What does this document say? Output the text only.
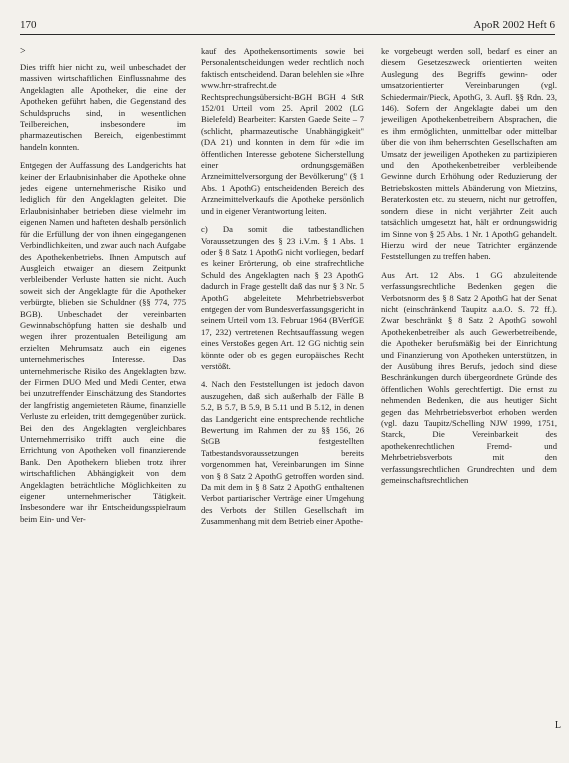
170	ApoR 2002 Heft 6
>

Dies trifft hier nicht zu, weil unbeschadet der massiven wirtschaftlichen Einflussnahme des Angeklagten alle Apotheker, die eine der Apotheken geführt haben, die Gegenstand des Schuldspruchs sind, in wesentlichen Teilbereichen, insbesondere im pharmazeutischen Bereich, eigenbestimmt handeln konnten.

Entgegen der Auffassung des Landgerichts hat keiner der Erlaubnisinhaber die Apotheke ohne jedes eigene unternehmerische Risiko und lediglich für den Angeklagten geleitet. Die Erlaubnisinhaber betrieben diese vielmehr im eigenen Namen und hafteten deshalb persönlich für die Erfüllung der von ihnen eingegangenen Verbindlichkeiten, und zwar auch nach Aufgabe des Apothekenbetriebs. Ihnen Amputsch auf Ausgleich etwaiger an diesem Zeitpunkt verbleibender Verluste hatten sie nicht. Auch soweit sich der Angeklagte für die Apotheker verbürgte, blieben sie Schuldner (§§ 774, 775 BGB). Unbeschadet der vereinbarten Gewinnabschöpfung hatten sie deshalb und wegen ihrer prozentualen Beteiligung am erzielten Mehrumsatz auch ein eigenes unternehmerisches Interesse. Das unternehmerische Risiko des Angeklagten bzw. der Firmen DUO Med und Medi Center, etwa bei unzutreffender Einschätzung des Standortes der langfristig angemieteten Räume, finanzielle Verluste zu erleiden, tritt demgegenüber zurück. Bei den des Angeklagten vergleichbares Unternehmerrisiko trifft auch eine die Errichtung von Apotheken voll finanzierende Bank. Den Apothekern blieben trotz ihrer wirtschaftlichen Abhängigkeit von dem Angeklagten beträchtliche Möglichkeiten zu eigener unternehmerischer Tätigkeit. Insbesondere war ihr Entscheidungsspielraum beim Ein- und Ver-

kauf des Apothekensortiments sowie bei Personalentscheidungen weder rechtlich noch faktisch entscheidend. Daran belehlen sie »Ihre www.hrr-strafrecht.de Rechtsprechungsübersicht-BGH BGH 4 StR 152/01 Urteil vom 25. April 2002 (LG Bielefeld) Bearbeiter: Karsten Gaede Seite – 7 (schlicht, pharmazeutische Unabhängigkeit" (DA 21) und konnten in dem für »die im öffentlichen Interesse gebotene Sicherstellung einer ordnungsgemäßen Arzneimittelversorgung der Bevölkerung" (§ 1 Abs. 1 ApothG) entscheidenden Bereich des Arzneimittelverkaufs die Apotheke persönlich und in eigener Verantwortung leiten.

c) Da somit die tatbestandlichen Voraussetzungen des § 23 i.V.m. § 1 Abs. 1 oder § 8 Satz 1 ApothG nicht vorliegen, bedarf es keiner Erörterung, ob eine strafrechtliche Schuld des Angeklagten nach § 23 ApothG dadurch in Frage gestellt daß das nur § 3 Nr. 5 ApothG abgeleitete Mehrbetriebsverbot entgegen der vom Bundesverfassungsgericht in seinem Urteil vom 13. Februar 1964 (BVerfGE 17, 232) vertretenen Rechtsauffassung wegen eines Verstoßes gegen Art. 12 GG nichtig sein könnte oder ob es gegen europäisches Recht verstößt.

4. Nach den Feststellungen ist jedoch davon auszugehen, daß sich außerhalb der Fälle B 5.2, B 5.7, B 5.9, B 5.11 und B 5.12, in denen das Landgericht eine entsprechende rechtliche Bewertung im Rahmen der zu §§ 156, 26 StGB festgestellten Tatbestandsvoraussetzungen bereits vorgenommen hat, Vereinbarungen im Sinne von § 8 Satz 2 ApothG getroffen worden sind. Da mit dem in § 8 Satz 2 ApothG enthaltenen Verbot partiarischer Verträge einer Umgehung des Verbots der Stillen Gesellschaft im Zusammenhang mit dem Betrieb einer Apothe-

ke vorgebeugt werden soll, bedarf es einer an diesem Gesetzeszweck orientierten weiten Auslegung des Begriffs gewinn- oder umsatzorientierter Vereinbarungen (vgl. Schiedermair/Pieck, ApothG, 3. Aufl. §§ Rdn. 23, 146). Sofern der Angeklagte dabei um den jeweiligen Apothekenbetreibern Absprachen, die es ihm ermöglichten, unmittelbar oder mittelbar über die von ihm beherrschten Gesellschaften am Umsatz der jeweiligen Apotheken zu partizipieren und den Apothekenbetreiber verbleibende Gewinne durch Erhöhung oder Reduzierung der Betriebskosten mittels Abänderung von Mietzins, Beraterkosten etc. zu steuern, nicht nur getroffen, sondern diese in nicht verjährter Zeit auch tatsächlich umgesetzt hat, hält er ordnungswidrig im Sinne von § 25 Abs. 1 Nr. 1 ApothG gehandelt. Hierzu wird der neue Tatrichter ergänzende Feststellungen zu treffen haben.

Aus Art. 12 Abs. 1 GG abzuleitende verfassungsrechtliche Bedenken gegen die Verbotsnorm des § 8 Satz 2 ApothG hat der Senat nicht (einschränkend Taupitz a.a.O. S. 72 ff.). Zwar beschränkt § 8 Satz 2 ApothG sowohl Apothekenbetreiber als auch Gewerbetreibende, die Apotheker berufsmäßig bei der Einrichtung und Finanzierung von Apotheken unterstützen, in der Ausübung ihres Berufs, jedoch sind diese Beschränkungen durch übergeordnete Gründe des öffentlichen Wohls gerechtfertigt. Die ernst zu nehmenden Bedenken, die aus heutiger Sicht gegen das Mehrbetriebsverbot erhoben werden (vgl. dazu Taupitz/Schelling NJW 1999, 1751, Starck, Die Vereinbarkeit des apothekenrechtlichen Fremd- und Mehrbetriebsverbots mit den verfassungsrechtlichen Grundrechten und dem gemeinschaftsrechtlichen

L
